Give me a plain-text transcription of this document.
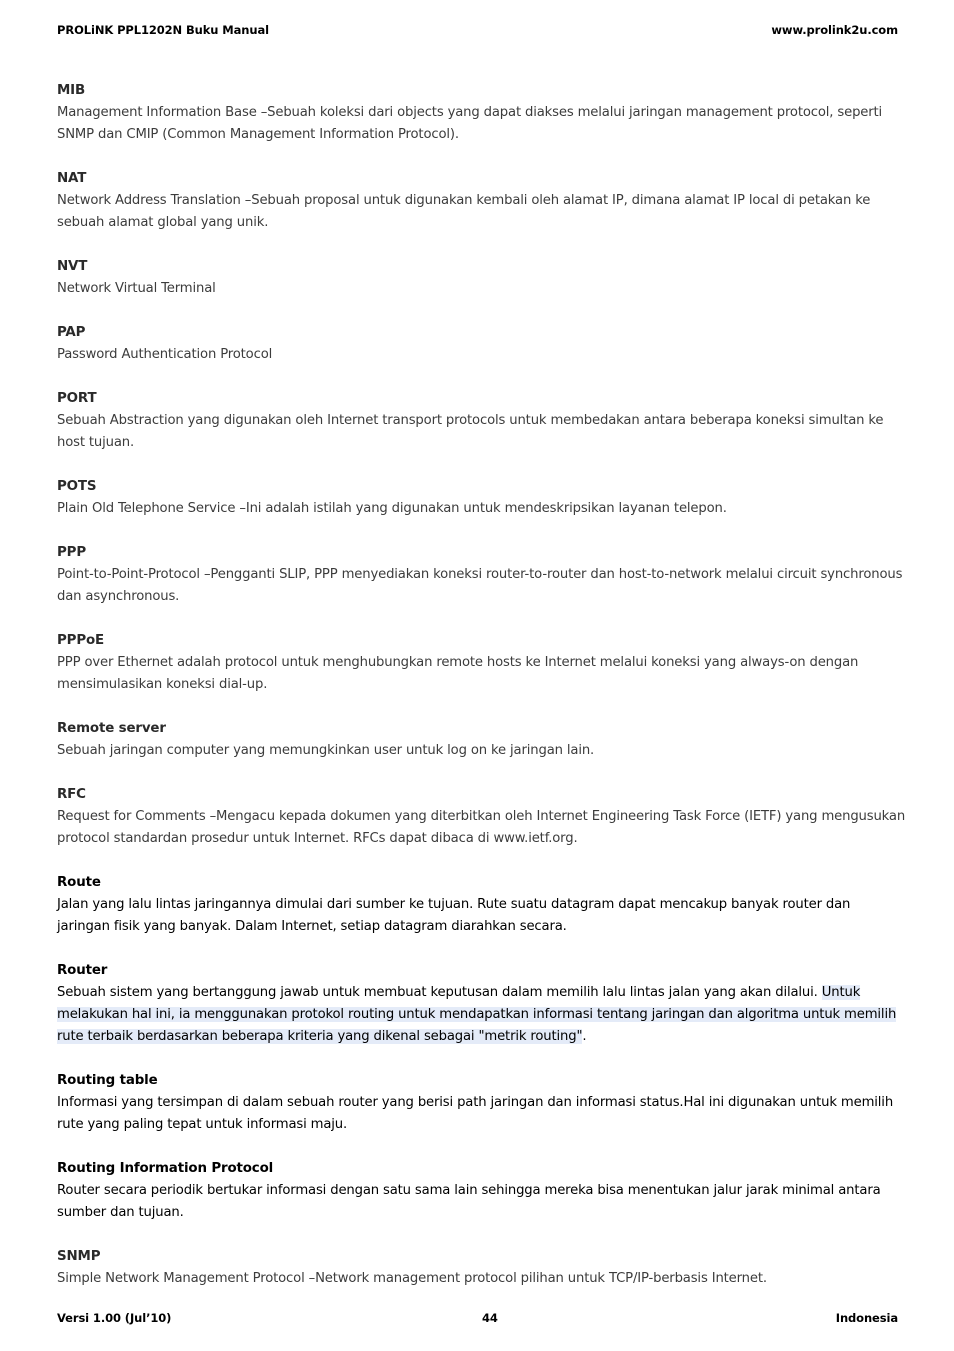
PROLiNK PPL1202N Buku Manual	www.prolink2u.com
MIB

Management Information Base –Sebuah koleksi dari objects yang dapat diakses melalui jaringan management protocol, seperti SNMP dan CMIP (Common Management Information Protocol).

NAT

Network Address Translation –Sebuah proposal untuk digunakan kembali oleh alamat IP, dimana alamat IP local di petakan ke sebuah alamat global yang unik.

NVT

Network Virtual Terminal

PAP

Password Authentication Protocol

PORT

Sebuah Abstraction yang digunakan oleh Internet transport protocols untuk membedakan antara beberapa koneksi simultan ke host tujuan.

POTS

Plain Old Telephone Service –Ini adalah istilah yang digunakan untuk mendeskripsikan layanan telepon.

PPP

Point-to-Point-Protocol –Pengganti SLIP, PPP menyediakan koneksi router-to-router dan host-to-network melalui circuit synchronous dan asynchronous.

PPPoE

PPP over Ethernet adalah protocol untuk menghubungkan remote hosts ke Internet melalui koneksi yang always-on dengan mensimulasikan koneksi dial-up.

Remote server

Sebuah jaringan computer yang memungkinkan user untuk log on ke jaringan lain.

RFC

Request for Comments –Mengacu kepada dokumen yang diterbitkan oleh Internet Engineering Task Force (IETF) yang mengusukan protocol standardan prosedur untuk Internet. RFCs dapat dibaca di www.ietf.org.

Route

Jalan yang lalu lintas jaringannya dimulai dari sumber ke tujuan. Rute suatu datagram dapat mencakup banyak router dan jaringan fisik yang banyak. Dalam Internet, setiap datagram diarahkan secara.

Router

Sebuah sistem yang bertanggung jawab untuk membuat keputusan dalam memilih lalu lintas jalan yang akan dilalui. Untuk melakukan hal ini, ia menggunakan protokol routing untuk mendapatkan informasi tentang jaringan dan algoritma untuk memilih rute terbaik berdasarkan beberapa kriteria yang dikenal sebagai "metrik routing".

Routing table

Informasi yang tersimpan di dalam sebuah router yang berisi path jaringan dan informasi status.Hal ini digunakan untuk memilih rute yang paling tepat untuk informasi maju.

Routing Information Protocol

Router secara periodik bertukar informasi dengan satu sama lain sehingga mereka bisa menentukan jalur jarak minimal antara sumber dan tujuan.

SNMP

Simple Network Management Protocol –Network management protocol pilihan untuk TCP/IP-berbasis Internet.

Versi 1.00 (Jul’10)	44	Indonesia
